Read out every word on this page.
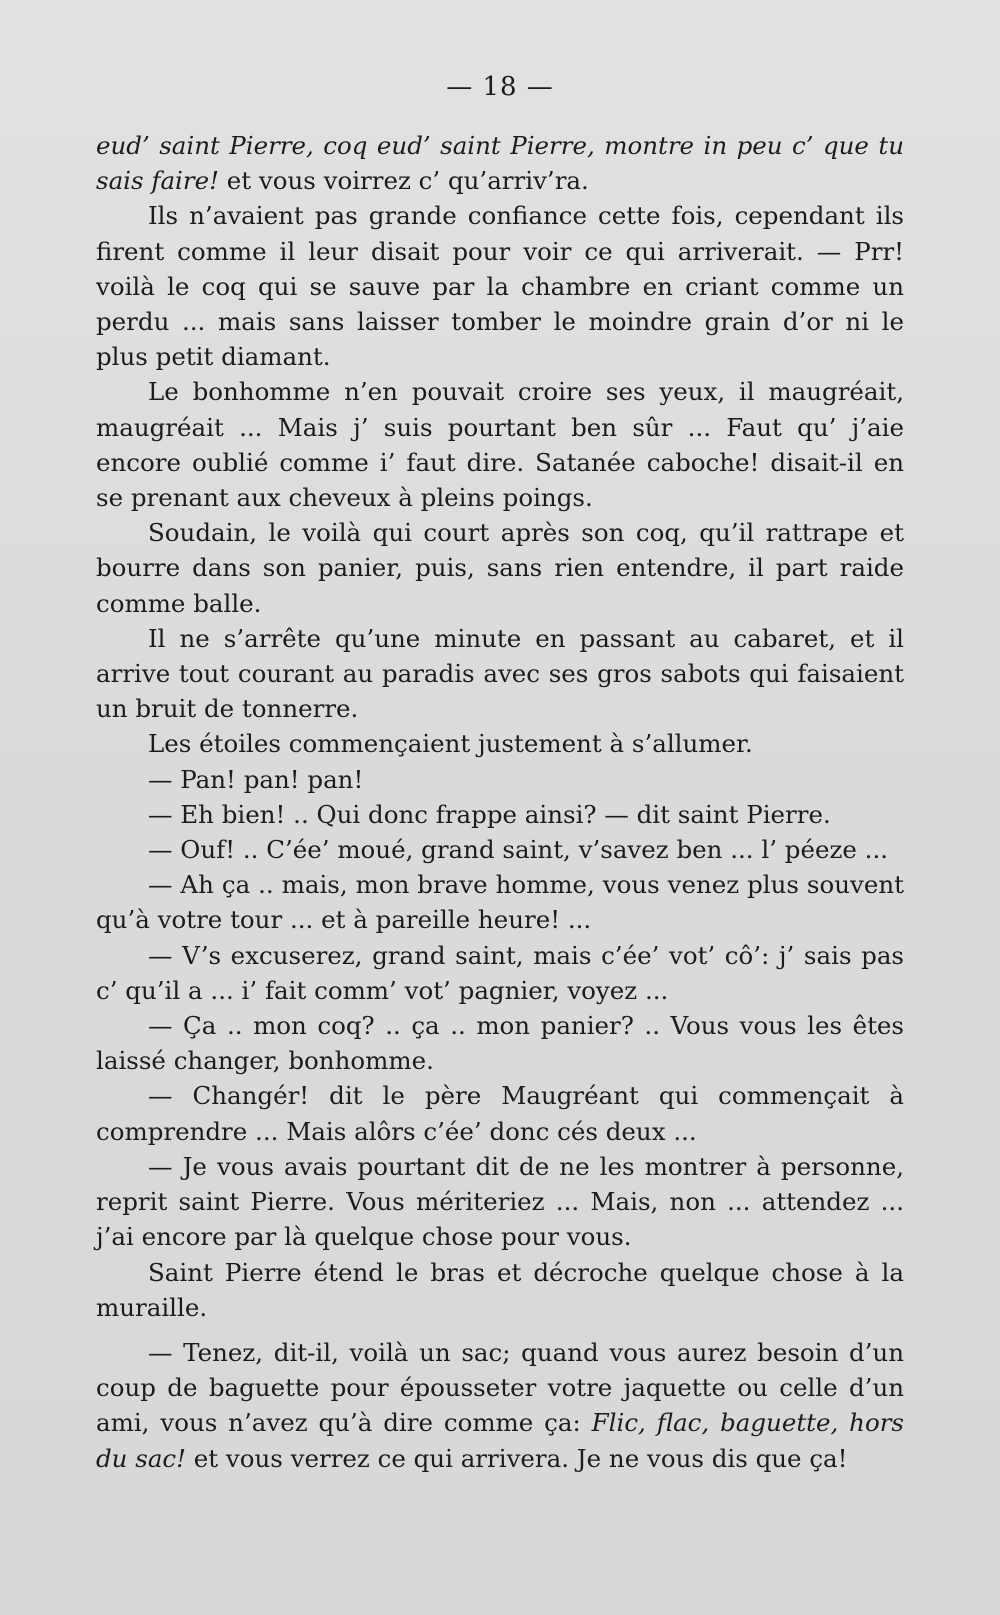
— 18 —

eud’ saint Pierre, coq eud’ saint Pierre, montre in peu c’ que tu sais faire! et vous voirrez c’ qu’arriv’ra.

Ils n’avaient pas grande confiance cette fois, cependant ils firent comme il leur disait pour voir ce qui arriverait. — Prr! voilà le coq qui se sauve par la chambre en criant comme un perdu ... mais sans laisser tomber le moindre grain d’or ni le plus petit diamant.

Le bonhomme n’en pouvait croire ses yeux, il maugréait, maugréait ... Mais j’ suis pourtant ben sûr ... Faut qu’ j’aie encore oublié comme i’ faut dire. Satanée caboche! disait-il en se prenant aux cheveux à pleins poings.

Soudain, le voilà qui court après son coq, qu’il rattrape et bourre dans son panier, puis, sans rien entendre, il part raide comme balle.

Il ne s’arrête qu’une minute en passant au cabaret, et il arrive tout courant au paradis avec ses gros sabots qui faisaient un bruit de tonnerre.

Les étoiles commençaient justement à s’allumer.

— Pan! pan! pan!

— Eh bien! .. Qui donc frappe ainsi? — dit saint Pierre.

— Ouf! .. C’ée’ moué, grand saint, v’savez ben ... l’ péeze ...

— Ah ça .. mais, mon brave homme, vous venez plus souvent qu’à votre tour ... et à pareille heure! ...

— V’s excuserez, grand saint, mais c’ée’ vot’ cô’: j’ sais pas c’ qu’il a ... i’ fait comm’ vot’ pagnier, voyez ...

— Ça .. mon coq? .. ça .. mon panier? .. Vous vous les êtes laissé changer, bonhomme.

— Changér! dit le père Maugréant qui commençait à comprendre ... Mais alôrs c’ée’ donc cés deux ...

— Je vous avais pourtant dit de ne les montrer à personne, reprit saint Pierre. Vous mériteriez ... Mais, non ... attendez ... j’ai encore par là quelque chose pour vous.

Saint Pierre étend le bras et décroche quelque chose à la muraille.

— Tenez, dit-il, voilà un sac; quand vous aurez besoin d’un coup de baguette pour épousseter votre jaquette ou celle d’un ami, vous n’avez qu’à dire comme ça: Flic, flac, baguette, hors du sac! et vous verrez ce qui arrivera. Je ne vous dis que ça!
